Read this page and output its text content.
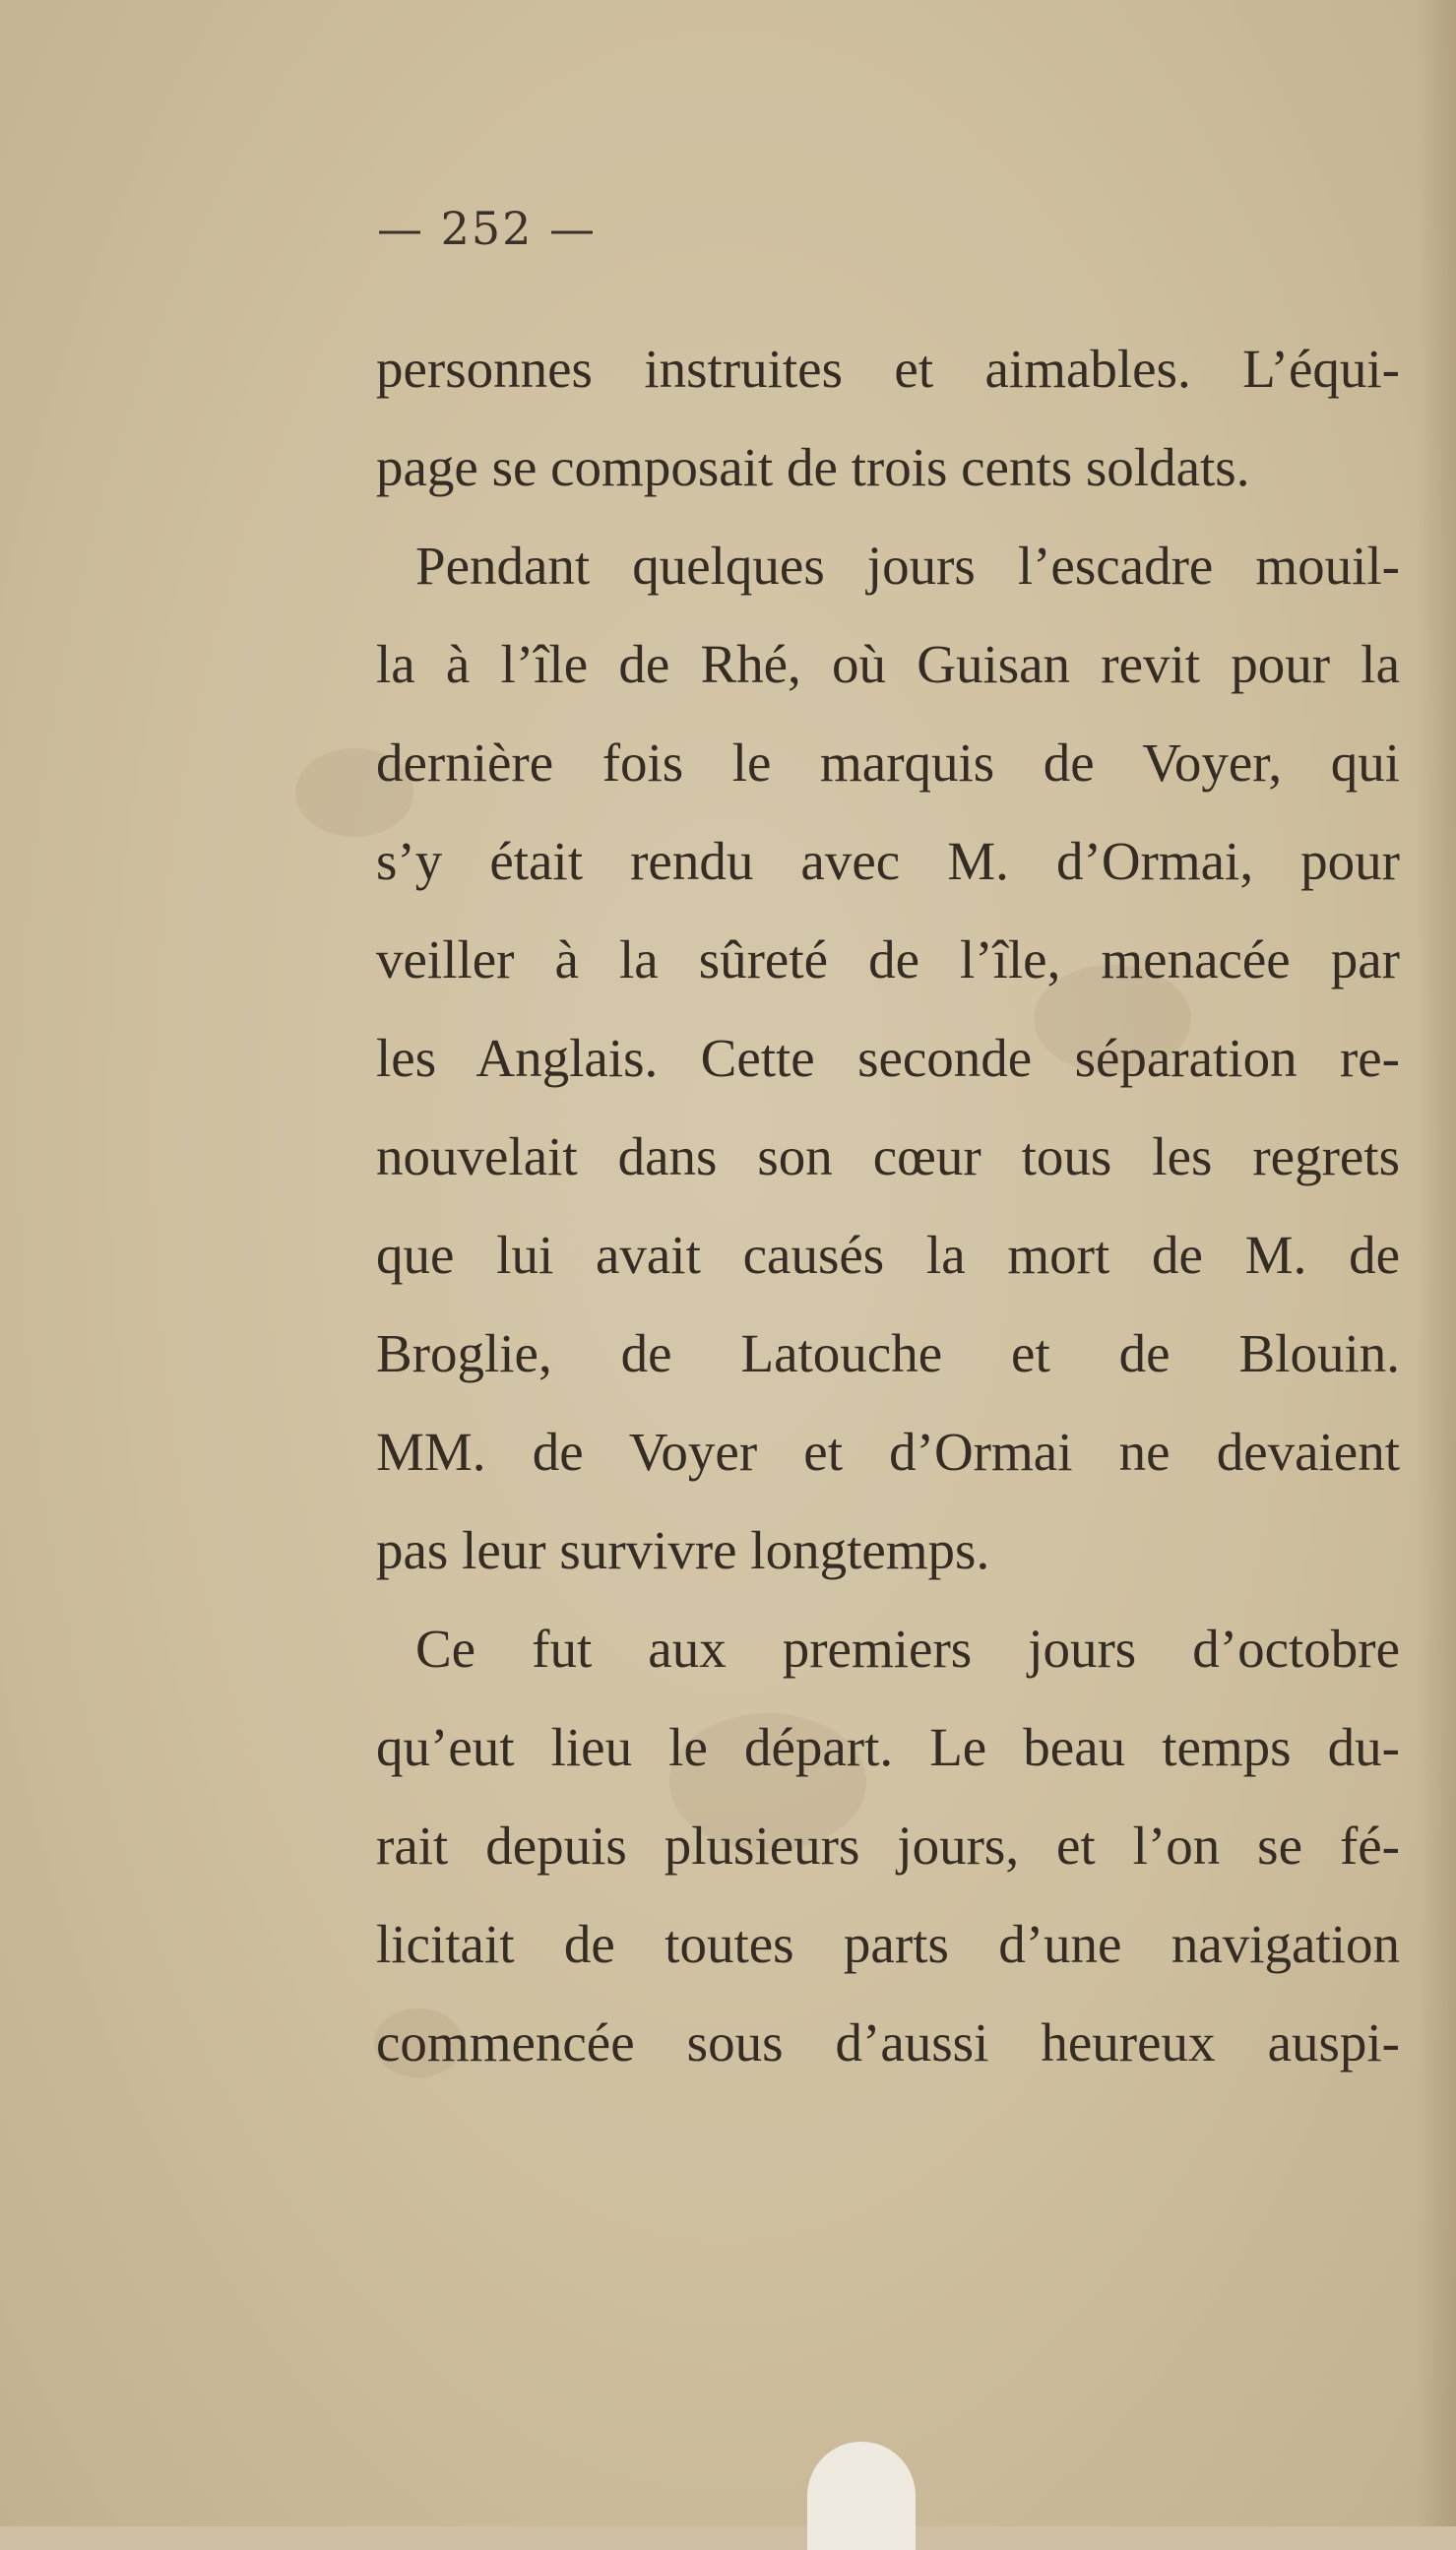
— 252 —
personnes instruites et aimables. L’équi-
page se composait de trois cents soldats.
Pendant quelques jours l’escadre mouil-
la à l’île de Rhé, où Guisan revit pour la
dernière fois le marquis de Voyer, qui
s’y était rendu avec M. d’Ormai, pour
veiller à la sûreté de l’île, menacée par
les Anglais. Cette seconde séparation re-
nouvelait dans son cœur tous les regrets
que lui avait causés la mort de M. de
Broglie, de Latouche et de Blouin.
MM. de Voyer et d’Ormai ne devaient
pas leur survivre longtemps.
Ce fut aux premiers jours d’octobre
qu’eut lieu le départ. Le beau temps du-
rait depuis plusieurs jours, et l’on se fé-
licitait de toutes parts d’une navigation
commencée sous d’aussi heureux auspi-
